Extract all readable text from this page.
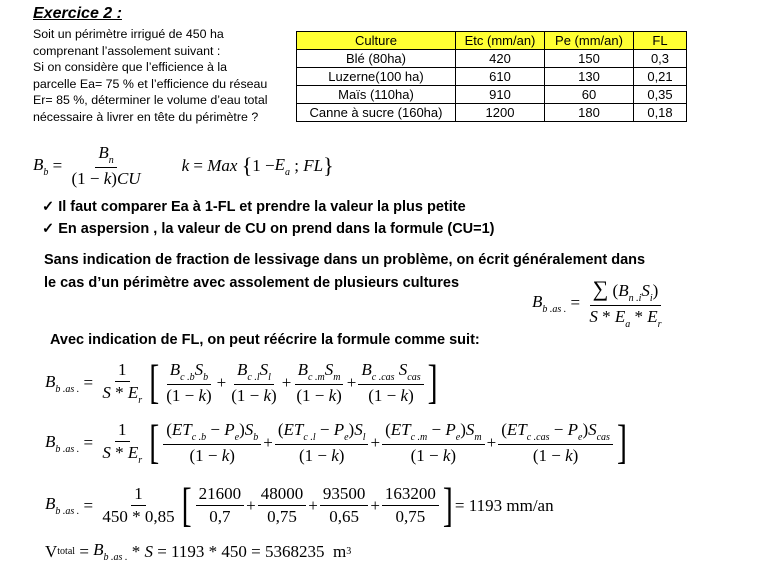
Exercice 2 :
Soit un périmètre irrigué de 450 ha
comprenant l’assolement suivant :
Si on considère que l’efficience à la
parcelle Ea= 75 % et l’efficience du réseau
Er= 85 %, déterminer le volume d’eau total
nécessaire à livrer en tête du périmètre ?
Culture	Etc (mm/an)	Pe (mm/an)	FL
Blé (80ha)	420	150	0,3
Luzerne(100 ha)	610	130	0,21
Maïs (110ha)	910	60	0,35
Canne à sucre (160ha)	1200	180	0,18
$B_b = \frac{B_n}{(1 - k)CU}$ k = Max
{ $1 - E_a$ ; FL }
✓ Il faut comparer Ea à 1-FL et prendre la valeur la plus petite
✓ En aspersion , la valeur de CU on prend dans la formule (CU=1)
Sans indication de fraction de lessivage dans un problème, on écrit généralement dans
le cas d’un périmètre avec assolement de plusieurs cultures
$B_{b .as .} = \frac{\sum (B_{n .i}S_i)}{S * E_a * E_r}$
Avec indication de FL, on peut réécrire la formule comme suit:
$B_{b .as .} = \frac{1}{S * E_r}$ [ $\frac{B_{c .b}S_b}{(1 - k)} + \frac{B_{c .l}S_l}{(1 - k)} + \frac{B_{c .m}S_m}{(1 - k)} + \frac{B_{c .cas} S_{cas}}{(1 - k)}$ ]
$B_{b .as .} = \frac{1}{S * E_r}$ [ $\frac{(ET_{c .b} - P_e)S_b}{(1 - k)} + \frac{(ET_{c .l} - P_e)S_l}{(1 - k)} + \frac{(ET_{c .m} - P_e)S_m}{(1 - k)} + \frac{(ET_{c .cas} - P_e)S_{cas}}{(1 - k)}$ ]
$B_{b .as .} = \frac{1}{450 * 0,85}$ [ $\frac{21600}{0,7} + \frac{48000}{0,75} + \frac{93500}{0,65} + \frac{163200}{0,75}$ ] = 1193 mm/an
V total = $B_{b .as .}$ * S
= 1193 * 450 = 5368235 m 3
